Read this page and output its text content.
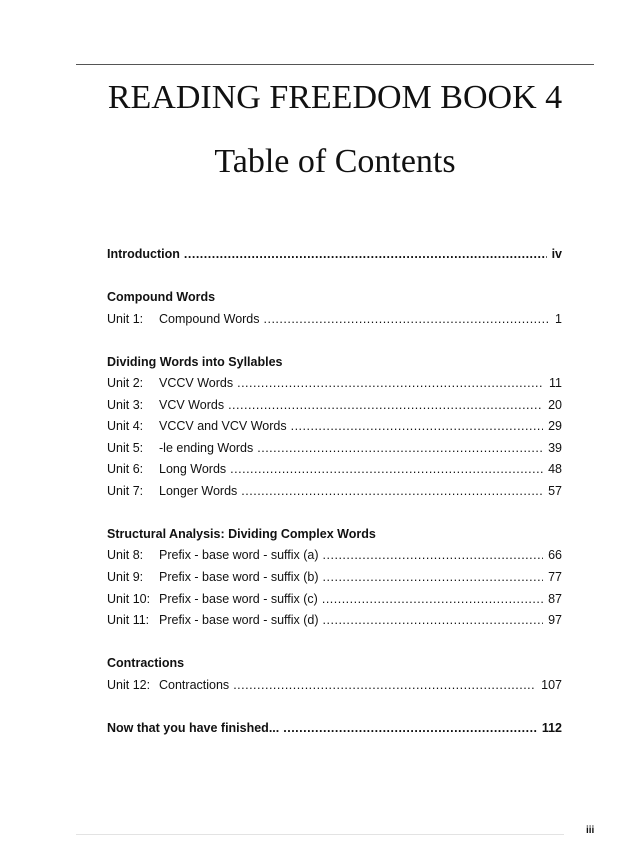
READING FREEDOM BOOK 4
Table of Contents
Introduction .....	iv
Compound Words
Unit 1:	Compound Words .....	1
Dividing Words into Syllables
Unit 2:	VCCV Words .....	11
Unit 3:	VCV Words .....	20
Unit 4:	VCCV and VCV Words .....	29
Unit 5:	-le ending Words .....	39
Unit 6:	Long Words .....	48
Unit 7:	Longer Words .....	57
Structural Analysis: Dividing Complex Words
Unit 8:	Prefix - base word - suffix (a) .....	66
Unit 9:	Prefix - base word - suffix (b) .....	77
Unit 10: Prefix - base word - suffix (c) .....	87
Unit 11: Prefix - base word - suffix (d) .....	97
Contractions
Unit 12: Contractions .....	107
Now that you have finished... .....	112
iii
